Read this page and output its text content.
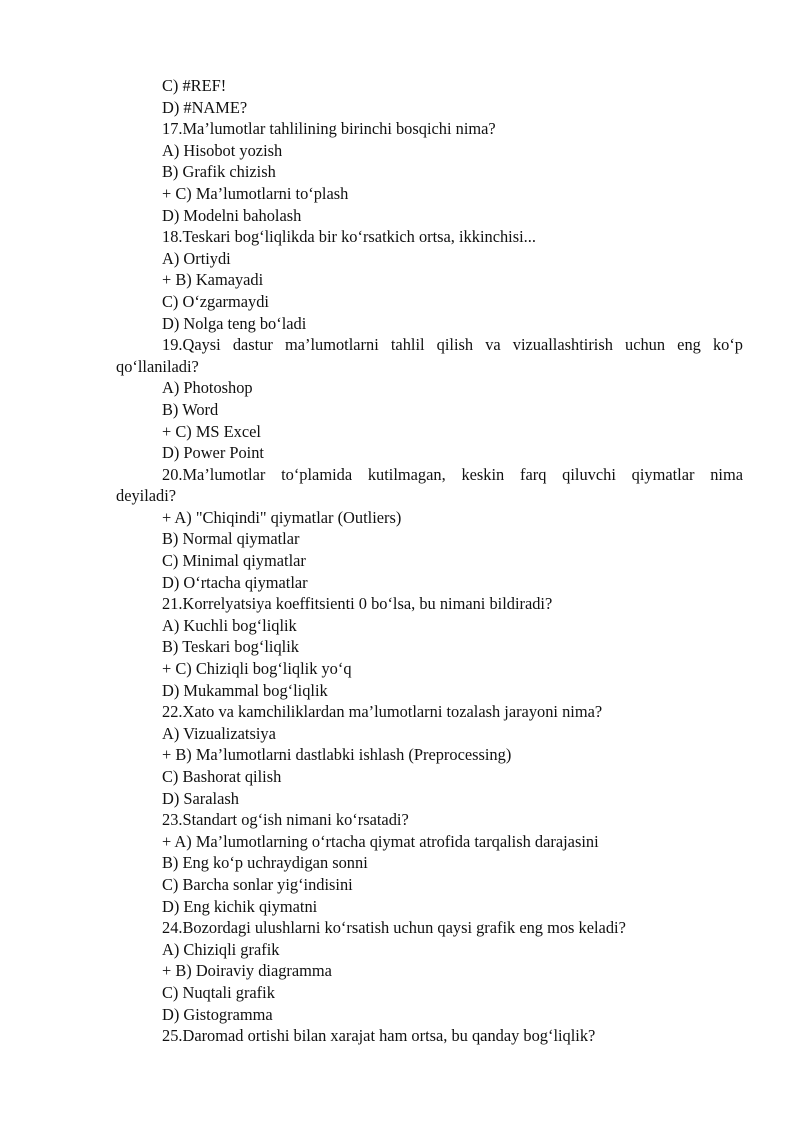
C) #REF!
D) #NAME?
17.Ma’lumotlar tahlilining birinchi bosqichi nima?
A) Hisobot yozish
B) Grafik chizish
+ C) Ma’lumotlarni to‘plash
D) Modelni baholash
18.Teskari bog‘liqlikda bir ko‘rsatkich ortsa, ikkinchisi...
A) Ortiydi
+ B) Kamayadi
C) O‘zgarmaydi
D) Nolga teng bo‘ladi
19.Qaysi dastur ma’lumotlarni tahlil qilish va vizuallashtirish uchun eng ko‘p
qo‘llaniladi?
A) Photoshop
B) Word
+ C) MS Excel
D) Power Point
20.Ma’lumotlar to‘plamida kutilmagan, keskin farq qiluvchi qiymatlar nima
deyiladi?
+ A) "Chiqindi" qiymatlar (Outliers)
B) Normal qiymatlar
C) Minimal qiymatlar
D) O‘rtacha qiymatlar
21.Korrelyatsiya koeffitsienti 0 bo‘lsa, bu nimani bildiradi?
A) Kuchli bog‘liqlik
B) Teskari bog‘liqlik
+ C) Chiziqli bog‘liqlik yo‘q
D) Mukammal bog‘liqlik
22.Xato va kamchiliklardan ma’lumotlarni tozalash jarayoni nima?
A) Vizualizatsiya
+ B) Ma’lumotlarni dastlabki ishlash (Preprocessing)
C) Bashorat qilish
D) Saralash
23.Standart og‘ish nimani ko‘rsatadi?
+ A) Ma’lumotlarning o‘rtacha qiymat atrofida tarqalish darajasini
B) Eng ko‘p uchraydigan sonni
C) Barcha sonlar yig‘indisini
D) Eng kichik qiymatni
24.Bozordagi ulushlarni ko‘rsatish uchun qaysi grafik eng mos keladi?
A) Chiziqli grafik
+ B) Doiraviy diagramma
C) Nuqtali grafik
D) Gistogramma
25.Daromad ortishi bilan xarajat ham ortsa, bu qanday bog‘liqlik?
